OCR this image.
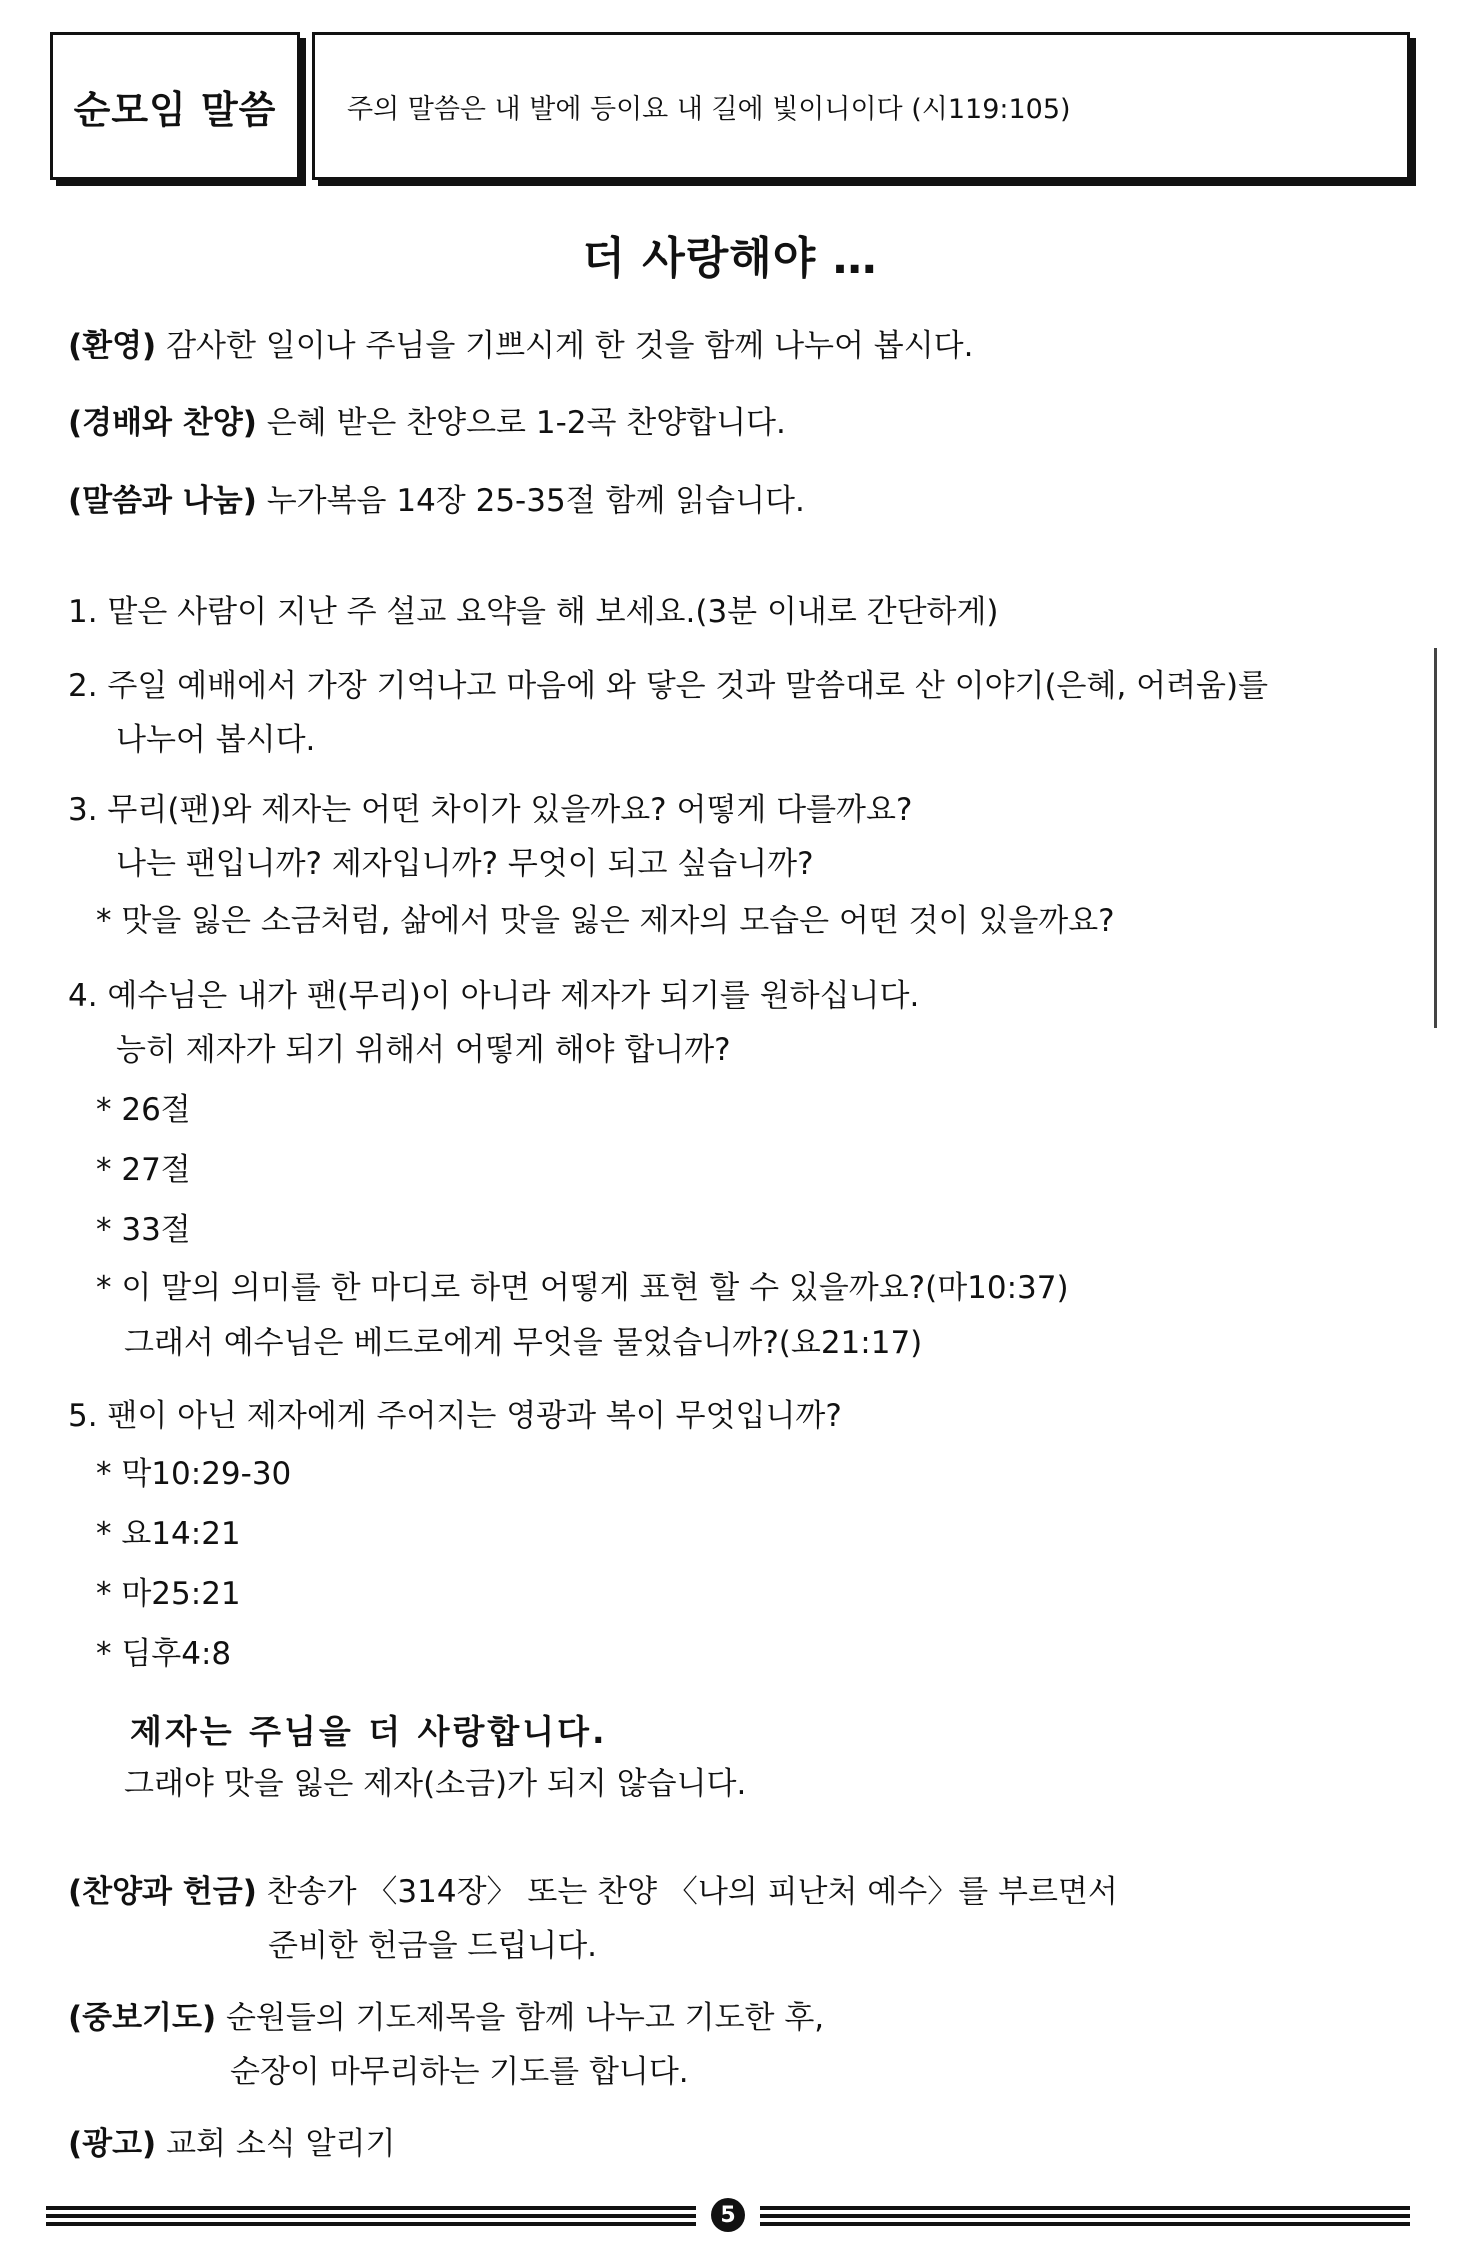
순모임 말씀	주의 말씀은 내 발에 등이요 내 길에 빛이니이다 (시119:105)
더 사랑해야 …
(환영) 감사한 일이나 주님을 기쁘시게 한 것을 함께 나누어 봅시다.
(경배와 찬양) 은혜 받은 찬양으로 1-2곡 찬양합니다.
(말씀과 나눔) 누가복음 14장 25-35절 함께 읽습니다.
1. 맡은 사람이 지난 주 설교 요약을 해 보세요.(3분 이내로 간단하게)
2. 주일 예배에서 가장 기억나고 마음에 와 닿은 것과 말씀대로 산 이야기(은혜, 어려움)를
나누어 봅시다.
3. 무리(팬)와 제자는 어떤 차이가 있을까요? 어떻게 다를까요?
나는 팬입니까? 제자입니까? 무엇이 되고 싶습니까?
* 맛을 잃은 소금처럼, 삶에서 맛을 잃은 제자의 모습은 어떤 것이 있을까요?
4. 예수님은 내가 팬(무리)이 아니라 제자가 되기를 원하십니다.
능히 제자가 되기 위해서 어떻게 해야 합니까?
* 26절
* 27절
* 33절
* 이 말의 의미를 한 마디로 하면 어떻게 표현 할 수 있을까요?(마10:37)
그래서 예수님은 베드로에게 무엇을 물었습니까?(요21:17)
5. 팬이 아닌 제자에게 주어지는 영광과 복이 무엇입니까?
* 막10:29-30
* 요14:21
* 마25:21
* 딤후4:8
제자는 주님을 더 사랑합니다.
그래야 맛을 잃은 제자(소금)가 되지 않습니다.
(찬양과 헌금) 찬송가 〈314장〉 또는 찬양 〈나의 피난처 예수〉를 부르면서
준비한 헌금을 드립니다.
(중보기도) 순원들의 기도제목을 함께 나누고 기도한 후,
순장이 마무리하는 기도를 합니다.
(광고) 교회 소식 알리기
5
